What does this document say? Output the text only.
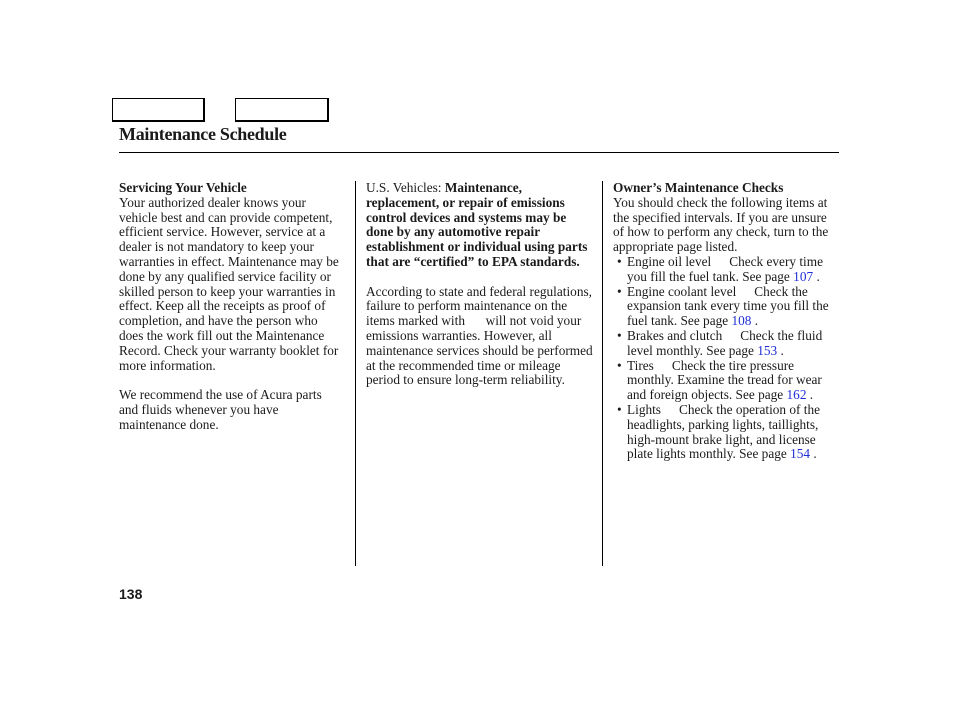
Maintenance Schedule

Servicing Your Vehicle

Your authorized dealer knows your vehicle best and can provide competent, efficient service. However, service at a dealer is not mandatory to keep your warranties in effect. Maintenance may be done by any qualified service facility or skilled person to keep your warranties in effect. Keep all the receipts as proof of completion, and have the person who does the work fill out the Maintenance Record. Check your warranty booklet for more information.

We recommend the use of Acura parts and fluids whenever you have maintenance done.

U.S. Vehicles: Maintenance, replacement, or repair of emissions control devices and systems may be done by any automotive repair establishment or individual using parts that are “certified” to EPA standards.

According to state and federal regulations, failure to perform maintenance on the items marked with will not void your emissions warranties. However, all maintenance services should be performed at the recommended time or mileage period to ensure long-term reliability.

Owner’s Maintenance Checks

You should check the following items at the specified intervals. If you are unsure of how to perform any check, turn to the appropriate page listed.

• Engine oil level Check every time you fill the fuel tank. See page 107 .
• Engine coolant level Check the expansion tank every time you fill the fuel tank. See page 108 .
• Brakes and clutch Check the fluid level monthly. See page 153 .
• Tires Check the tire pressure monthly. Examine the tread for wear and foreign objects. See page 162 .
• Lights Check the operation of the headlights, parking lights, taillights, high-mount brake light, and license plate lights monthly. See page 154 .
138
